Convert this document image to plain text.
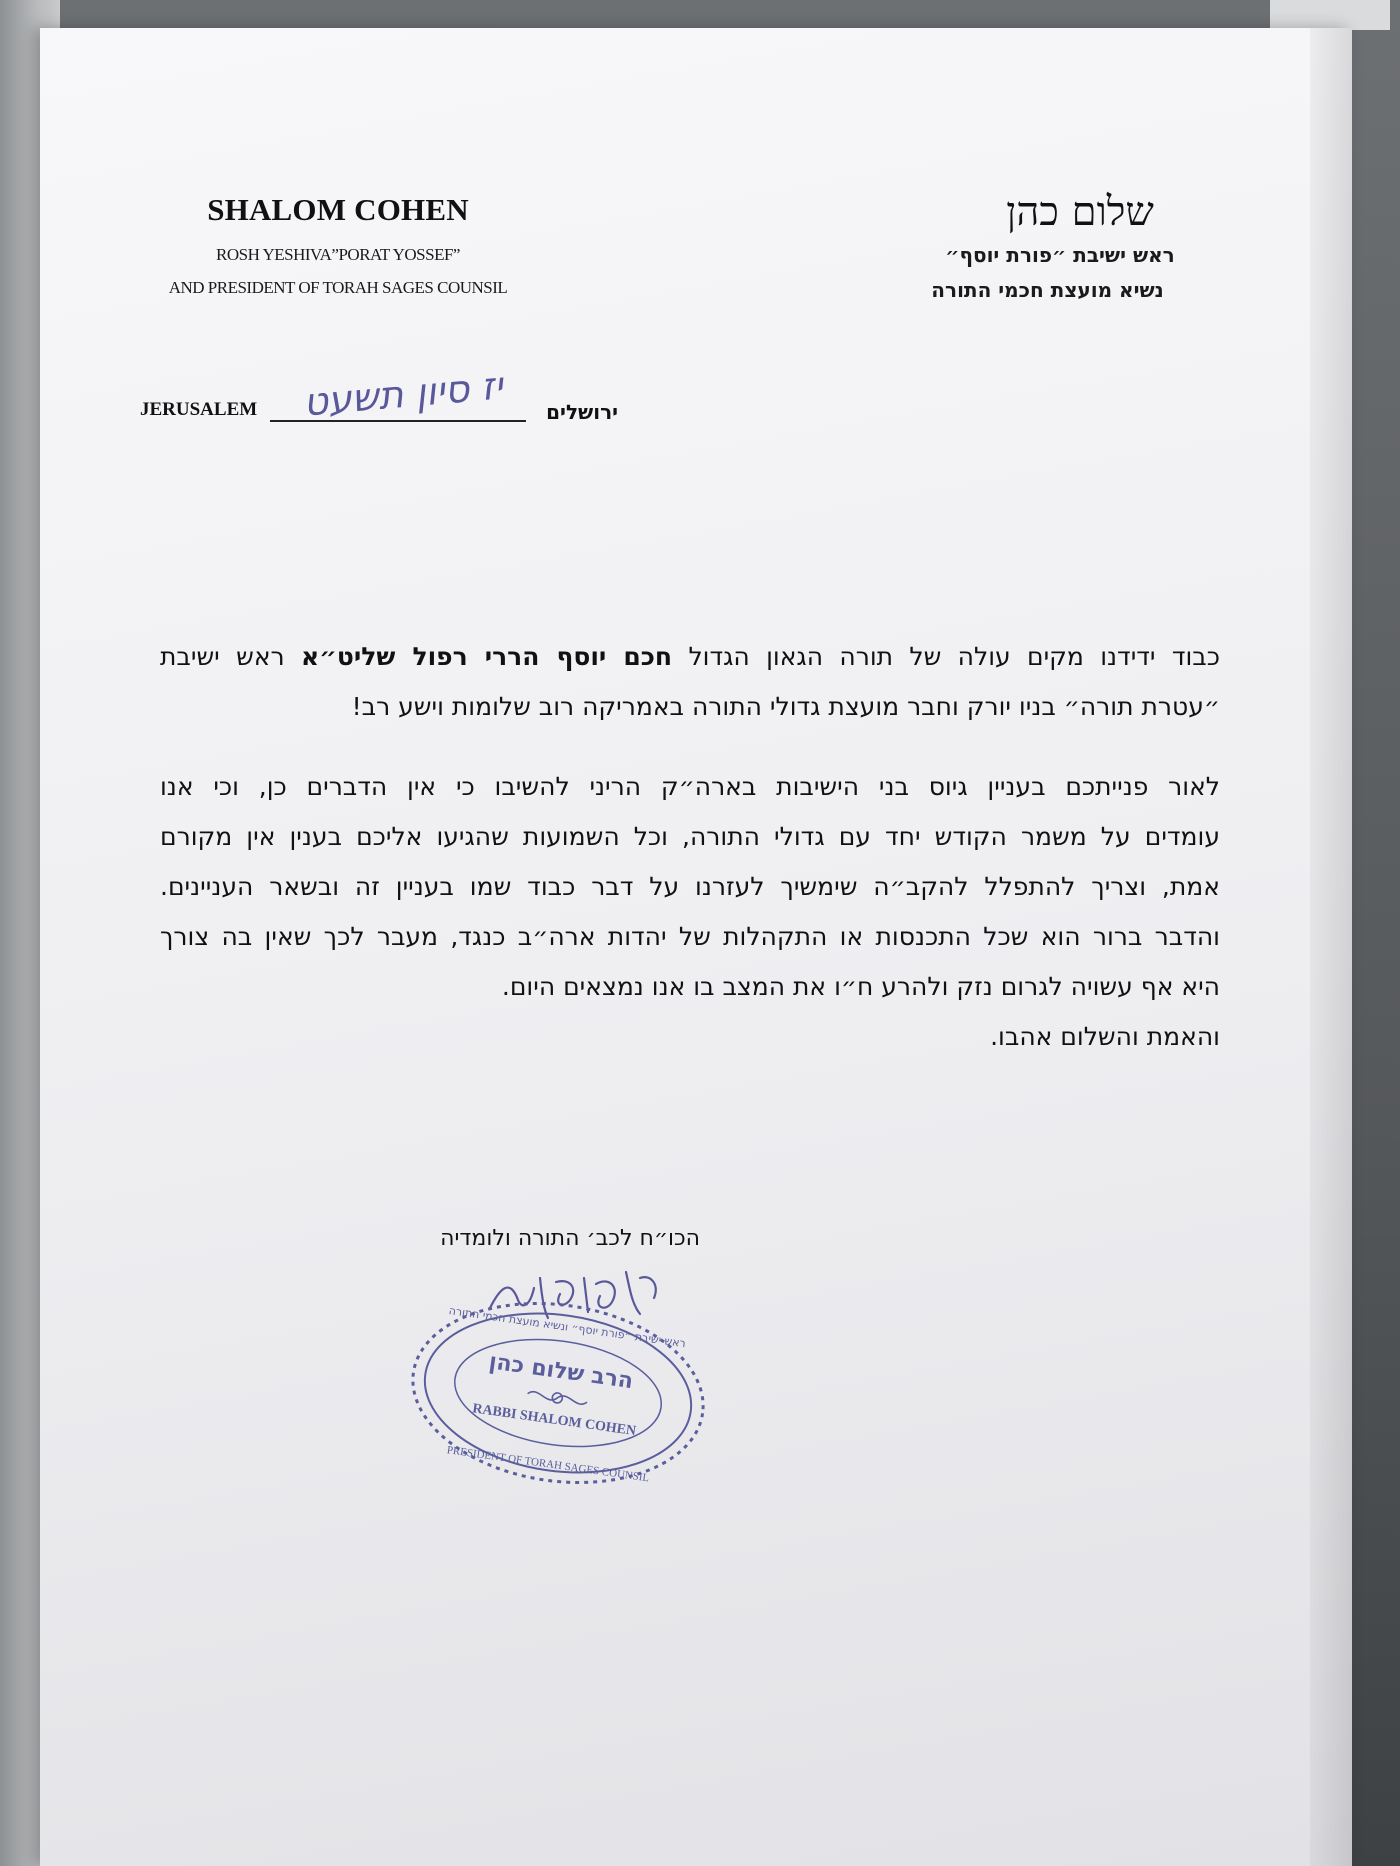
SHALOM COHEN
ROSH YESHIVA”PORAT YOSSEF”
AND PRESIDENT OF TORAH SAGES COUNSIL
שלום כהן
ראש ישיבת ״פורת יוסף״
נשיא מועצת חכמי התורה
JERUSALEM	יז סיון תשעט	ירושלים
כבוד ידידנו מקים עולה של תורה הגאון הגדול חכם יוסף הררי רפול שליט״א ראש ישיבת
״עטרת תורה״ בניו יורק וחבר מועצת גדולי התורה באמריקה רוב שלומות וישע רב!
לאור פנייתכם בעניין גיוס בני הישיבות בארה״ק הריני להשיבו כי אין הדברים כן, וכי אנו
עומדים על משמר הקודש יחד עם גדולי התורה, וכל השמועות שהגיעו אליכם בענין אין מקורם
אמת, וצריך להתפלל להקב״ה שימשיך לעזרנו על דבר כבוד שמו בעניין זה ובשאר העניינים.
והדבר ברור הוא שכל התכנסות או התקהלות של יהדות ארה״ב כנגד, מעבר לכך שאין בה צורך
היא אף עשויה לגרום נזק ולהרע ח״ו את המצב בו אנו נמצאים היום.
והאמת והשלום אהבו.
הכו״ח לכב׳ התורה ולומדיה
ראש ישיבת ״פורת יוסף״ ונשיא מועצת חכמי התורה
הרב שלום כהן
RABBI SHALOM COHEN
PRESIDENT OF TORAH SAGES COUNSIL
